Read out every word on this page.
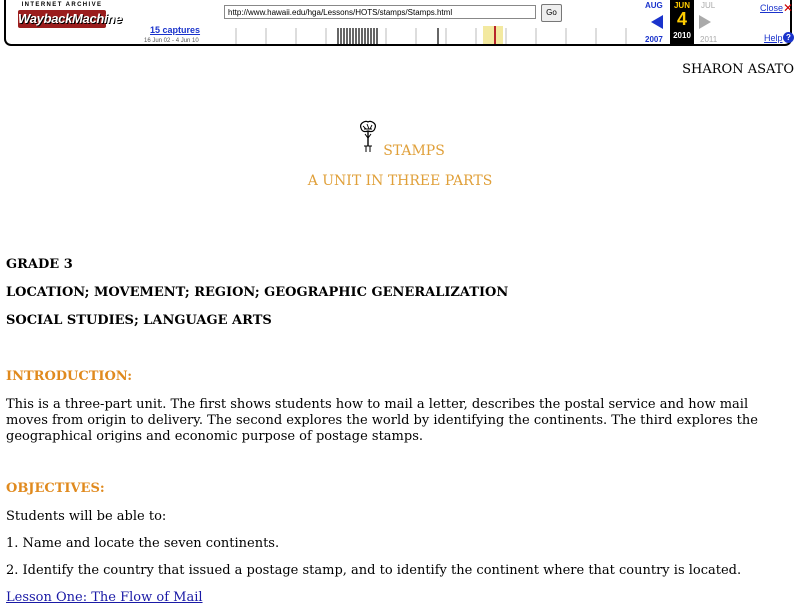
INTERNET ARCHIVE
WaybackMachine	http://www.hawaii.edu/hga/Lessons/HOTS/stamps/Stamps.html	Go
15 captures
16 Jun 02 - 4 Jun 10
AUG
2007
JUN
4
2010
JUL
2011
Close ✕
Help ?
SHARON ASATO
STAMPS
A UNIT IN THREE PARTS
GRADE 3
LOCATION; MOVEMENT; REGION; GEOGRAPHIC GENERALIZATION
SOCIAL STUDIES; LANGUAGE ARTS
INTRODUCTION:
This is a three-part unit. The first shows students how to mail a letter, describes the postal service and how mail moves from origin to delivery. The second explores the world by identifying the continents. The third explores the geographical origins and economic purpose of postage stamps.
OBJECTIVES:
Students will be able to:
1. Name and locate the seven continents.
2. Identify the country that issued a postage stamp, and to identify the continent where that country is located.
Lesson One: The Flow of Mail
